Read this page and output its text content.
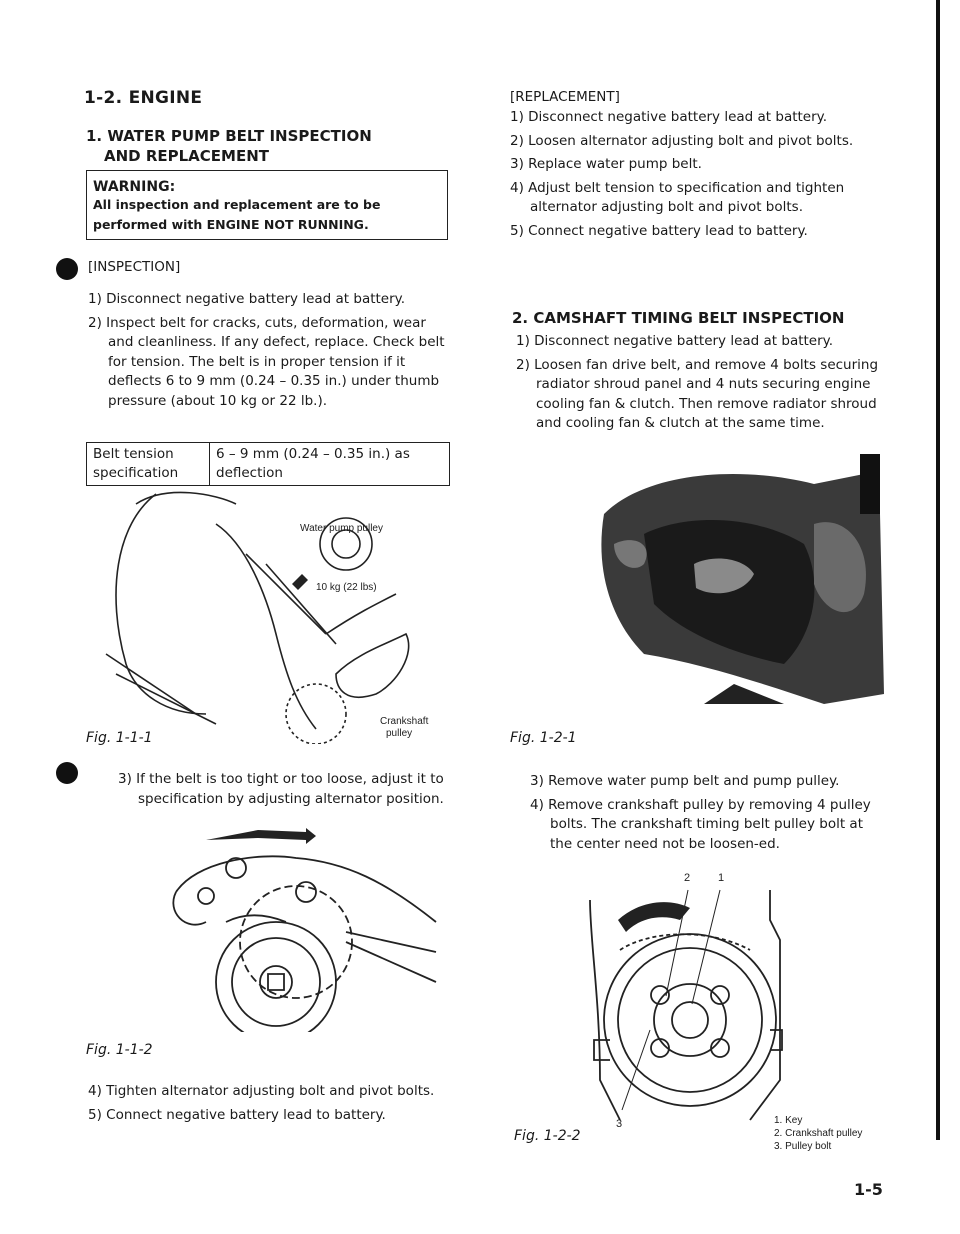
1-2. ENGINE
1. WATER PUMP BELT INSPECTION
AND REPLACEMENT
WARNING:
All inspection and replacement are to be performed with ENGINE NOT RUNNING.
[INSPECTION]

1) Disconnect negative battery lead at battery.

2) Inspect belt for cracks, cuts, deformation, wear and cleanliness. If any defect, replace. Check belt for tension. The belt is in proper tension if it deflects 6 to 9 mm (0.24 – 0.35 in.) under thumb pressure (about 10 kg or 22 lb.).

Belt tension specification	6 – 9 mm (0.24 – 0.35 in.) as deflection
Water pump pulley
10 kg (22 lbs)
Crankshaft
pulley
Fig. 1-1-1

3) If the belt is too tight or too loose, adjust it to specification by adjusting alternator position.

Fig. 1-1-2

4) Tighten alternator adjusting bolt and pivot bolts.

5) Connect negative battery lead to battery.

[REPLACEMENT]

1) Disconnect negative battery lead at battery.

2) Loosen alternator adjusting bolt and pivot bolts.

3) Replace water pump belt.

4) Adjust belt tension to specification and tighten alternator adjusting bolt and pivot bolts.

5) Connect negative battery lead to battery.

2. CAMSHAFT TIMING BELT INSPECTION

1) Disconnect negative battery lead at battery.

2) Loosen fan drive belt, and remove 4 bolts securing radiator shroud panel and 4 nuts securing engine cooling fan & clutch. Then remove radiator shroud and cooling fan & clutch at the same time.

Fig. 1-2-1

3) Remove water pump belt and pump pulley.

4) Remove crankshaft pulley by removing 4 pulley bolts. The crankshaft timing belt pulley bolt at the center need not be loosen-ed.

2	1
3	1. Key
2. Crankshaft pulley
3. Pulley bolt
Fig. 1-2-2
1-5
